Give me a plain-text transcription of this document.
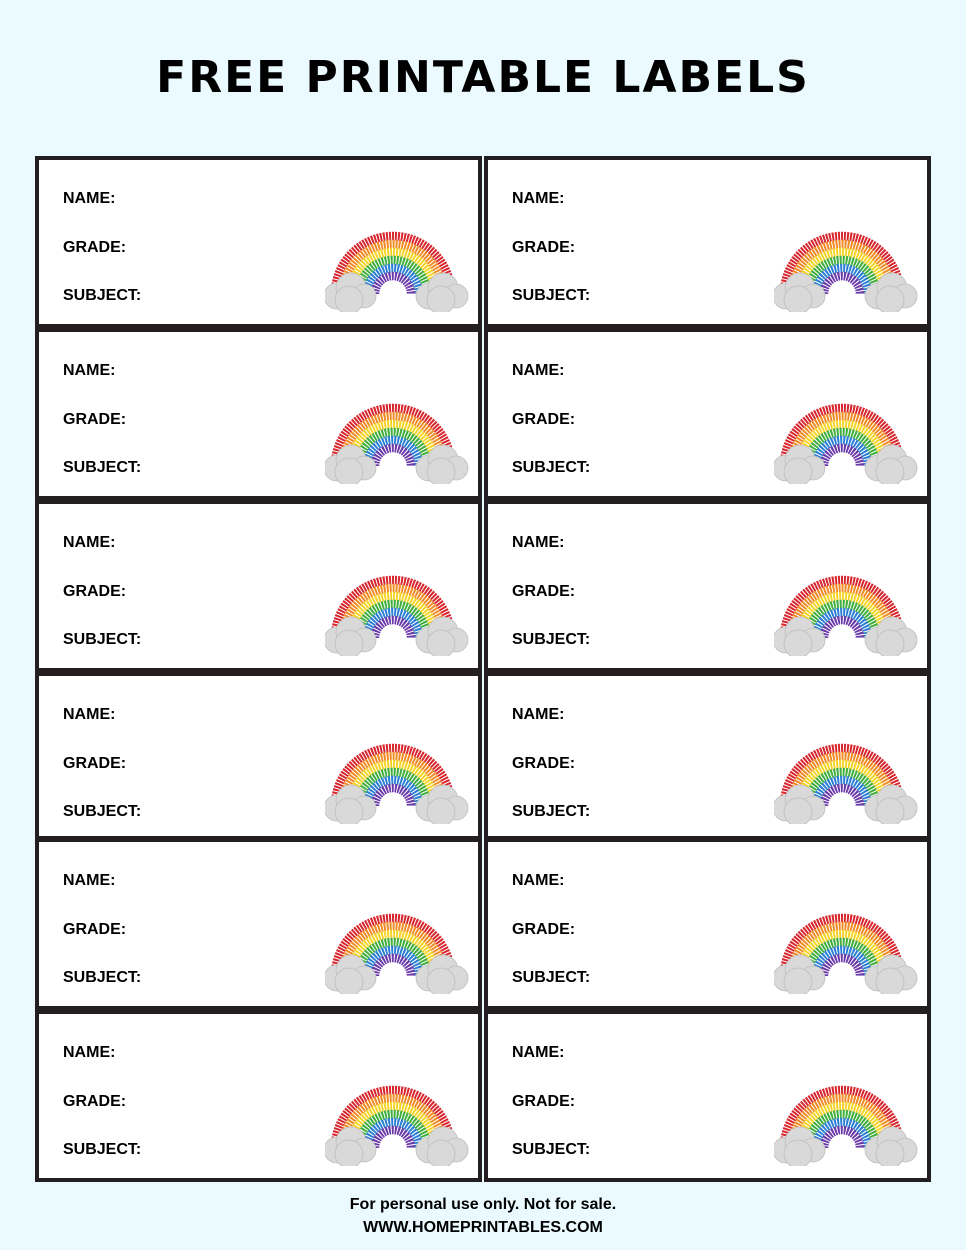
FREE PRINTABLE LABELS
NAME:
GRADE:
SUBJECT:
NAME:
GRADE:
SUBJECT:
NAME:
GRADE:
SUBJECT:
NAME:
GRADE:
SUBJECT:
NAME:
GRADE:
SUBJECT:
NAME:
GRADE:
SUBJECT:
NAME:
GRADE:
SUBJECT:
NAME:
GRADE:
SUBJECT:
NAME:
GRADE:
SUBJECT:
NAME:
GRADE:
SUBJECT:
NAME:
GRADE:
SUBJECT:
NAME:
GRADE:
SUBJECT:
For personal use only. Not for sale.
WWW.HOMEPRINTABLES.COM
